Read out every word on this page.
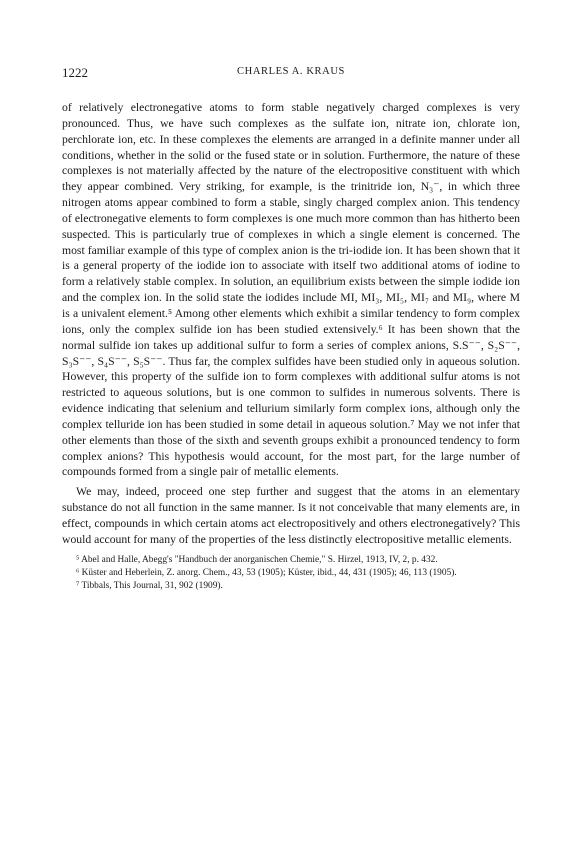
1222	CHARLES A. KRAUS

of relatively electronegative atoms to form stable negatively charged complexes is very pronounced. Thus, we have such complexes as the sulfate ion, nitrate ion, chlorate ion, perchlorate ion, etc. In these complexes the elements are arranged in a definite manner under all conditions, whether in the solid or the fused state or in solution. Furthermore, the nature of these complexes is not materially affected by the nature of the electropositive constituent with which they appear combined. Very striking, for example, is the trinitride ion, N₃⁻, in which three nitrogen atoms appear combined to form a stable, singly charged complex anion. This tendency of electronegative elements to form complexes is one much more common than has hitherto been suspected. This is particularly true of complexes in which a single element is concerned. The most familiar example of this type of complex anion is the tri-iodide ion. It has been shown that it is a general property of the iodide ion to associate with itself two additional atoms of iodine to form a relatively stable complex. In solution, an equilibrium exists between the simple iodide ion and the complex ion. In the solid state the iodides include MI, MI₃, MI₅, MI₇ and MI₉, where M is a univalent element.⁵ Among other elements which exhibit a similar tendency to form complex ions, only the complex sulfide ion has been studied extensively.⁶ It has been shown that the normal sulfide ion takes up additional sulfur to form a series of complex anions, S.S⁻⁻, S₂S⁻⁻, S₃S⁻⁻, S₄S⁻⁻, S₅S⁻⁻. Thus far, the complex sulfides have been studied only in aqueous solution. However, this property of the sulfide ion to form complexes with additional sulfur atoms is not restricted to aqueous solutions, but is one common to sulfides in numerous solvents. There is evidence indicating that selenium and tellurium similarly form complex ions, although only the complex telluride ion has been studied in some detail in aqueous solution.⁷ May we not infer that other elements than those of the sixth and seventh groups exhibit a pronounced tendency to form complex anions? This hypothesis would account, for the most part, for the large number of compounds formed from a single pair of metallic elements.

We may, indeed, proceed one step further and suggest that the atoms in an elementary substance do not all function in the same manner. Is it not conceivable that many elements are, in effect, compounds in which certain atoms act electropositively and others electronegatively? This would account for many of the properties of the less distinctly electropositive metallic elements.

⁵ Abel and Halle, Abegg's "Handbuch der anorganischen Chemie," S. Hirzel, 1913, IV, 2, p. 432.

⁶ Küster and Heberlein, Z. anorg. Chem., 43, 53 (1905); Küster, ibid., 44, 431 (1905); 46, 113 (1905).

⁷ Tibbals, This Journal, 31, 902 (1909).
